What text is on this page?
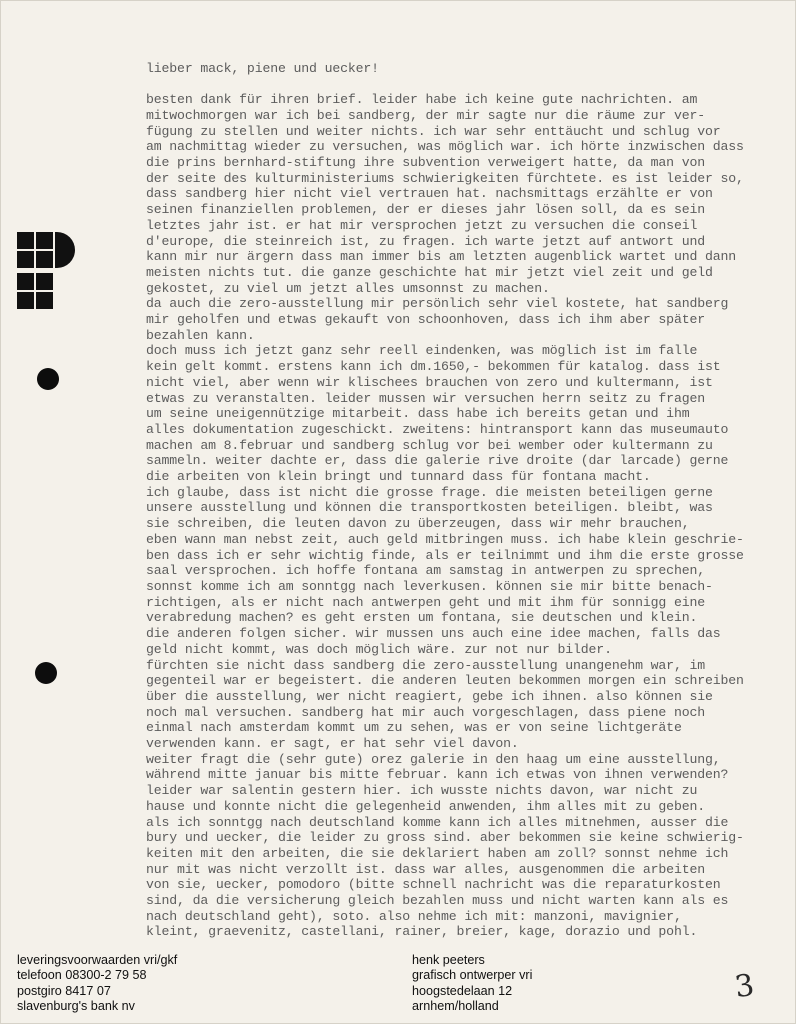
lieber mack, piene und uecker!
besten dank für ihren brief. leider habe ich keine gute nachrichten. am
mitwochmorgen war ich bei sandberg, der mir sagte nur die räume zur ver-
fügung zu stellen und weiter nichts. ich war sehr enttäucht und schlug vor
am nachmittag wieder zu versuchen, was möglich war. ich hörte inzwischen dass
die prins bernhard-stiftung ihre subvention verweigert hatte, da man von
der seite des kulturministeriums schwierigkeiten fürchtete. es ist leider so,
dass sandberg hier nicht viel vertrauen hat. nachsmittags erzählte er von
seinen finanziellen problemen, der er dieses jahr lösen soll, da es sein
letztes jahr ist. er hat mir versprochen jetzt zu versuchen die conseil
d'europe, die steinreich ist, zu fragen. ich warte jetzt auf antwort und
kann mir nur ärgern dass man immer bis am letzten augenblick wartet und dann
meisten nichts tut. die ganze geschichte hat mir jetzt viel zeit und geld
gekostet, zu viel um jetzt alles umsonnst zu machen.
da auch die zero-ausstellung mir persönlich sehr viel kostete, hat sandberg
mir geholfen und etwas gekauft von schoonhoven, dass ich ihm aber später
bezahlen kann.
doch muss ich jetzt ganz sehr reell eindenken, was möglich ist im falle
kein gelt kommt. erstens kann ich dm.1650,- bekommen für katalog. dass ist
nicht viel, aber wenn wir klischees brauchen von zero und kultermann, ist
etwas zu veranstalten. leider mussen wir versuchen herrn seitz zu fragen
um seine uneigennützige mitarbeit. dass habe ich bereits getan und ihm
alles dokumentation zugeschickt. zweitens: hintransport kann das museumauto
machen am 8.februar und sandberg schlug vor bei wember oder kultermann zu
sammeln. weiter dachte er, dass die galerie rive droite (dar larcade) gerne
die arbeiten von klein bringt und tunnard dass für fontana macht.
ich glaube, dass ist nicht die grosse frage. die meisten beteiligen gerne
unsere ausstellung und können die transportkosten beteiligen. bleibt, was
sie schreiben, die leuten davon zu überzeugen, dass wir mehr brauchen,
eben wann man nebst zeit, auch geld mitbringen muss. ich habe klein geschrie-
ben dass ich er sehr wichtig finde, als er teilnimmt und ihm die erste grosse
saal versprochen. ich hoffe fontana am samstag in antwerpen zu sprechen,
sonnst komme ich am sonntgg nach leverkusen. können sie mir bitte benach-
richtigen, als er nicht nach antwerpen geht und mit ihm für sonnigg eine
verabredung machen? es geht ersten um fontana, sie deutschen und klein.
die anderen folgen sicher. wir mussen uns auch eine idee machen, falls das
geld nicht kommt, was doch möglich wäre. zur not nur bilder.
fürchten sie nicht dass sandberg die zero-ausstellung unangenehm war, im
gegenteil war er begeistert. die anderen leuten bekommen morgen ein schreiben
über die ausstellung, wer nicht reagiert, gebe ich ihnen. also können sie
noch mal versuchen. sandberg hat mir auch vorgeschlagen, dass piene noch
einmal nach amsterdam kommt um zu sehen, was er von seine lichtgeräte
verwenden kann. er sagt, er hat sehr viel davon.
weiter fragt die (sehr gute) orez galerie in den haag um eine ausstellung,
während mitte januar bis mitte februar. kann ich etwas von ihnen verwenden?
leider war salentin gestern hier. ich wusste nichts davon, war nicht zu
hause und konnte nicht die gelegenheid anwenden, ihm alles mit zu geben.
als ich sonntgg nach deutschland komme kann ich alles mitnehmen, ausser die
bury und uecker, die leider zu gross sind. aber bekommen sie keine schwierig-
keiten mit den arbeiten, die sie deklariert haben am zoll? sonnst nehme ich
nur mit was nicht verzollt ist. dass war alles, ausgenommen die arbeiten
von sie, uecker, pomodoro (bitte schnell nachricht was die reparaturkosten
sind, da die versicherung gleich bezahlen muss und nicht warten kann als es
nach deutschland geht), soto. also nehme ich mit: manzoni, mavignier,
kleint, graevenitz, castellani, rainer, breier, kage, dorazio und pohl.
leveringsvoorwaarden vri/gkf
telefoon 08300-2 79 58
postgiro 8417 07
slavenburg's bank nv
henk peeters
grafisch ontwerper vri
hoogstedelaan 12
arnhem/holland
3
